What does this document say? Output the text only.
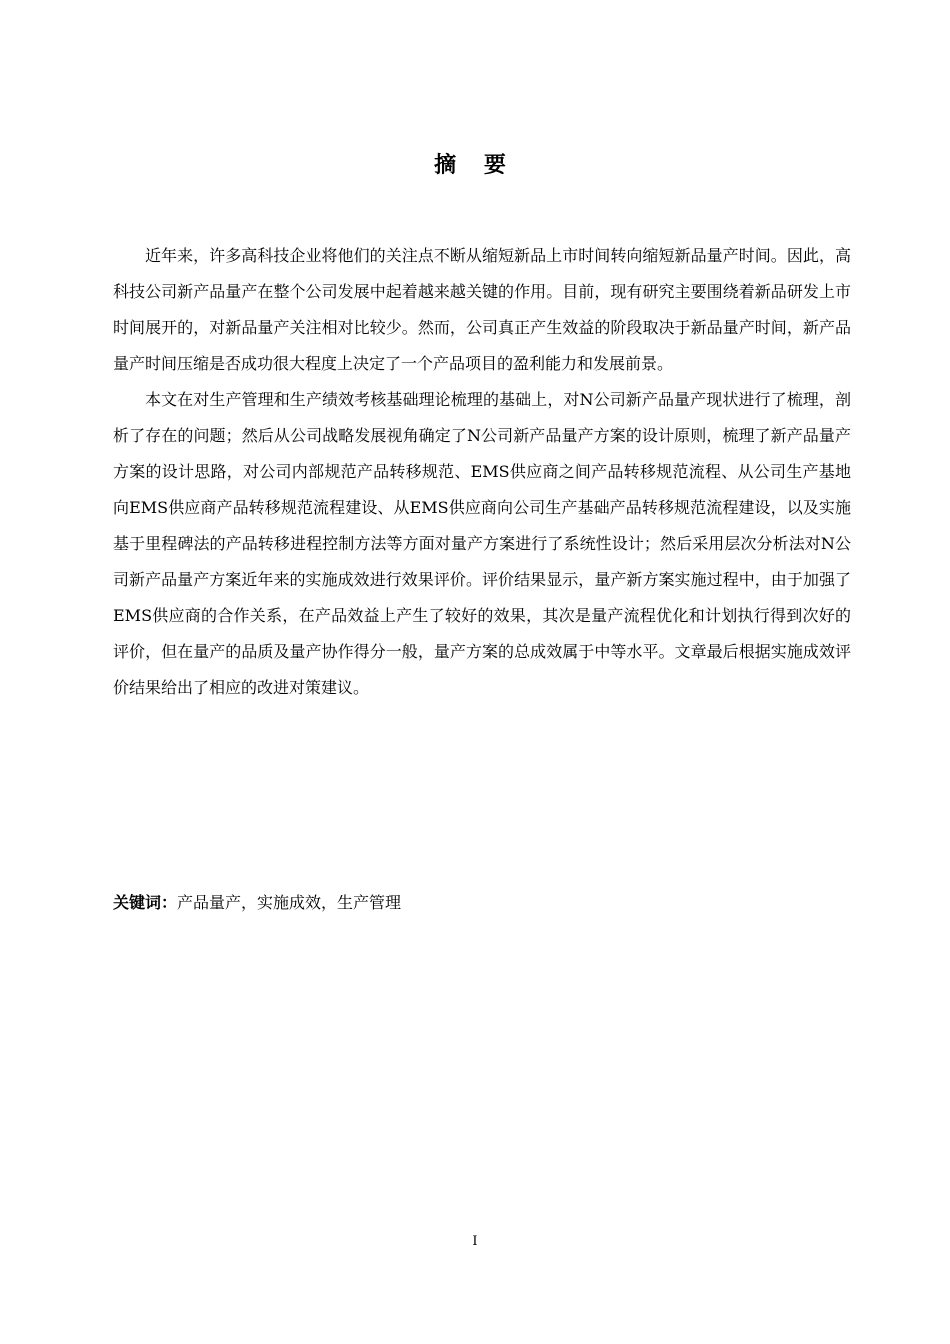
摘 要

近年来，许多高科技企业将他们的关注点不断从缩短新品上市时间转向缩短新品量产时间。因此，高科技公司新产品量产在整个公司发展中起着越来越关键的作用。目前，现有研究主要围绕着新品研发上市时间展开的，对新品量产关注相对比较少。然而，公司真正产生效益的阶段取决于新品量产时间，新产品量产时间压缩是否成功很大程度上决定了一个产品项目的盈利能力和发展前景。

本文在对生产管理和生产绩效考核基础理论梳理的基础上，对N公司新产品量产现状进行了梳理，剖析了存在的问题；然后从公司战略发展视角确定了N公司新产品量产方案的设计原则，梳理了新产品量产方案的设计思路，对公司内部规范产品转移规范、EMS供应商之间产品转移规范流程、从公司生产基地向EMS供应商产品转移规范流程建设、从EMS供应商向公司生产基础产品转移规范流程建设，以及实施基于里程碑法的产品转移进程控制方法等方面对量产方案进行了系统性设计；然后采用层次分析法对N公司新产品量产方案近年来的实施成效进行效果评价。评价结果显示，量产新方案实施过程中，由于加强了EMS供应商的合作关系，在产品效益上产生了较好的效果，其次是量产流程优化和计划执行得到次好的评价，但在量产的品质及量产协作得分一般，量产方案的总成效属于中等水平。文章最后根据实施成效评价结果给出了相应的改进对策建议。

关键词：产品量产，实施成效，生产管理
I
